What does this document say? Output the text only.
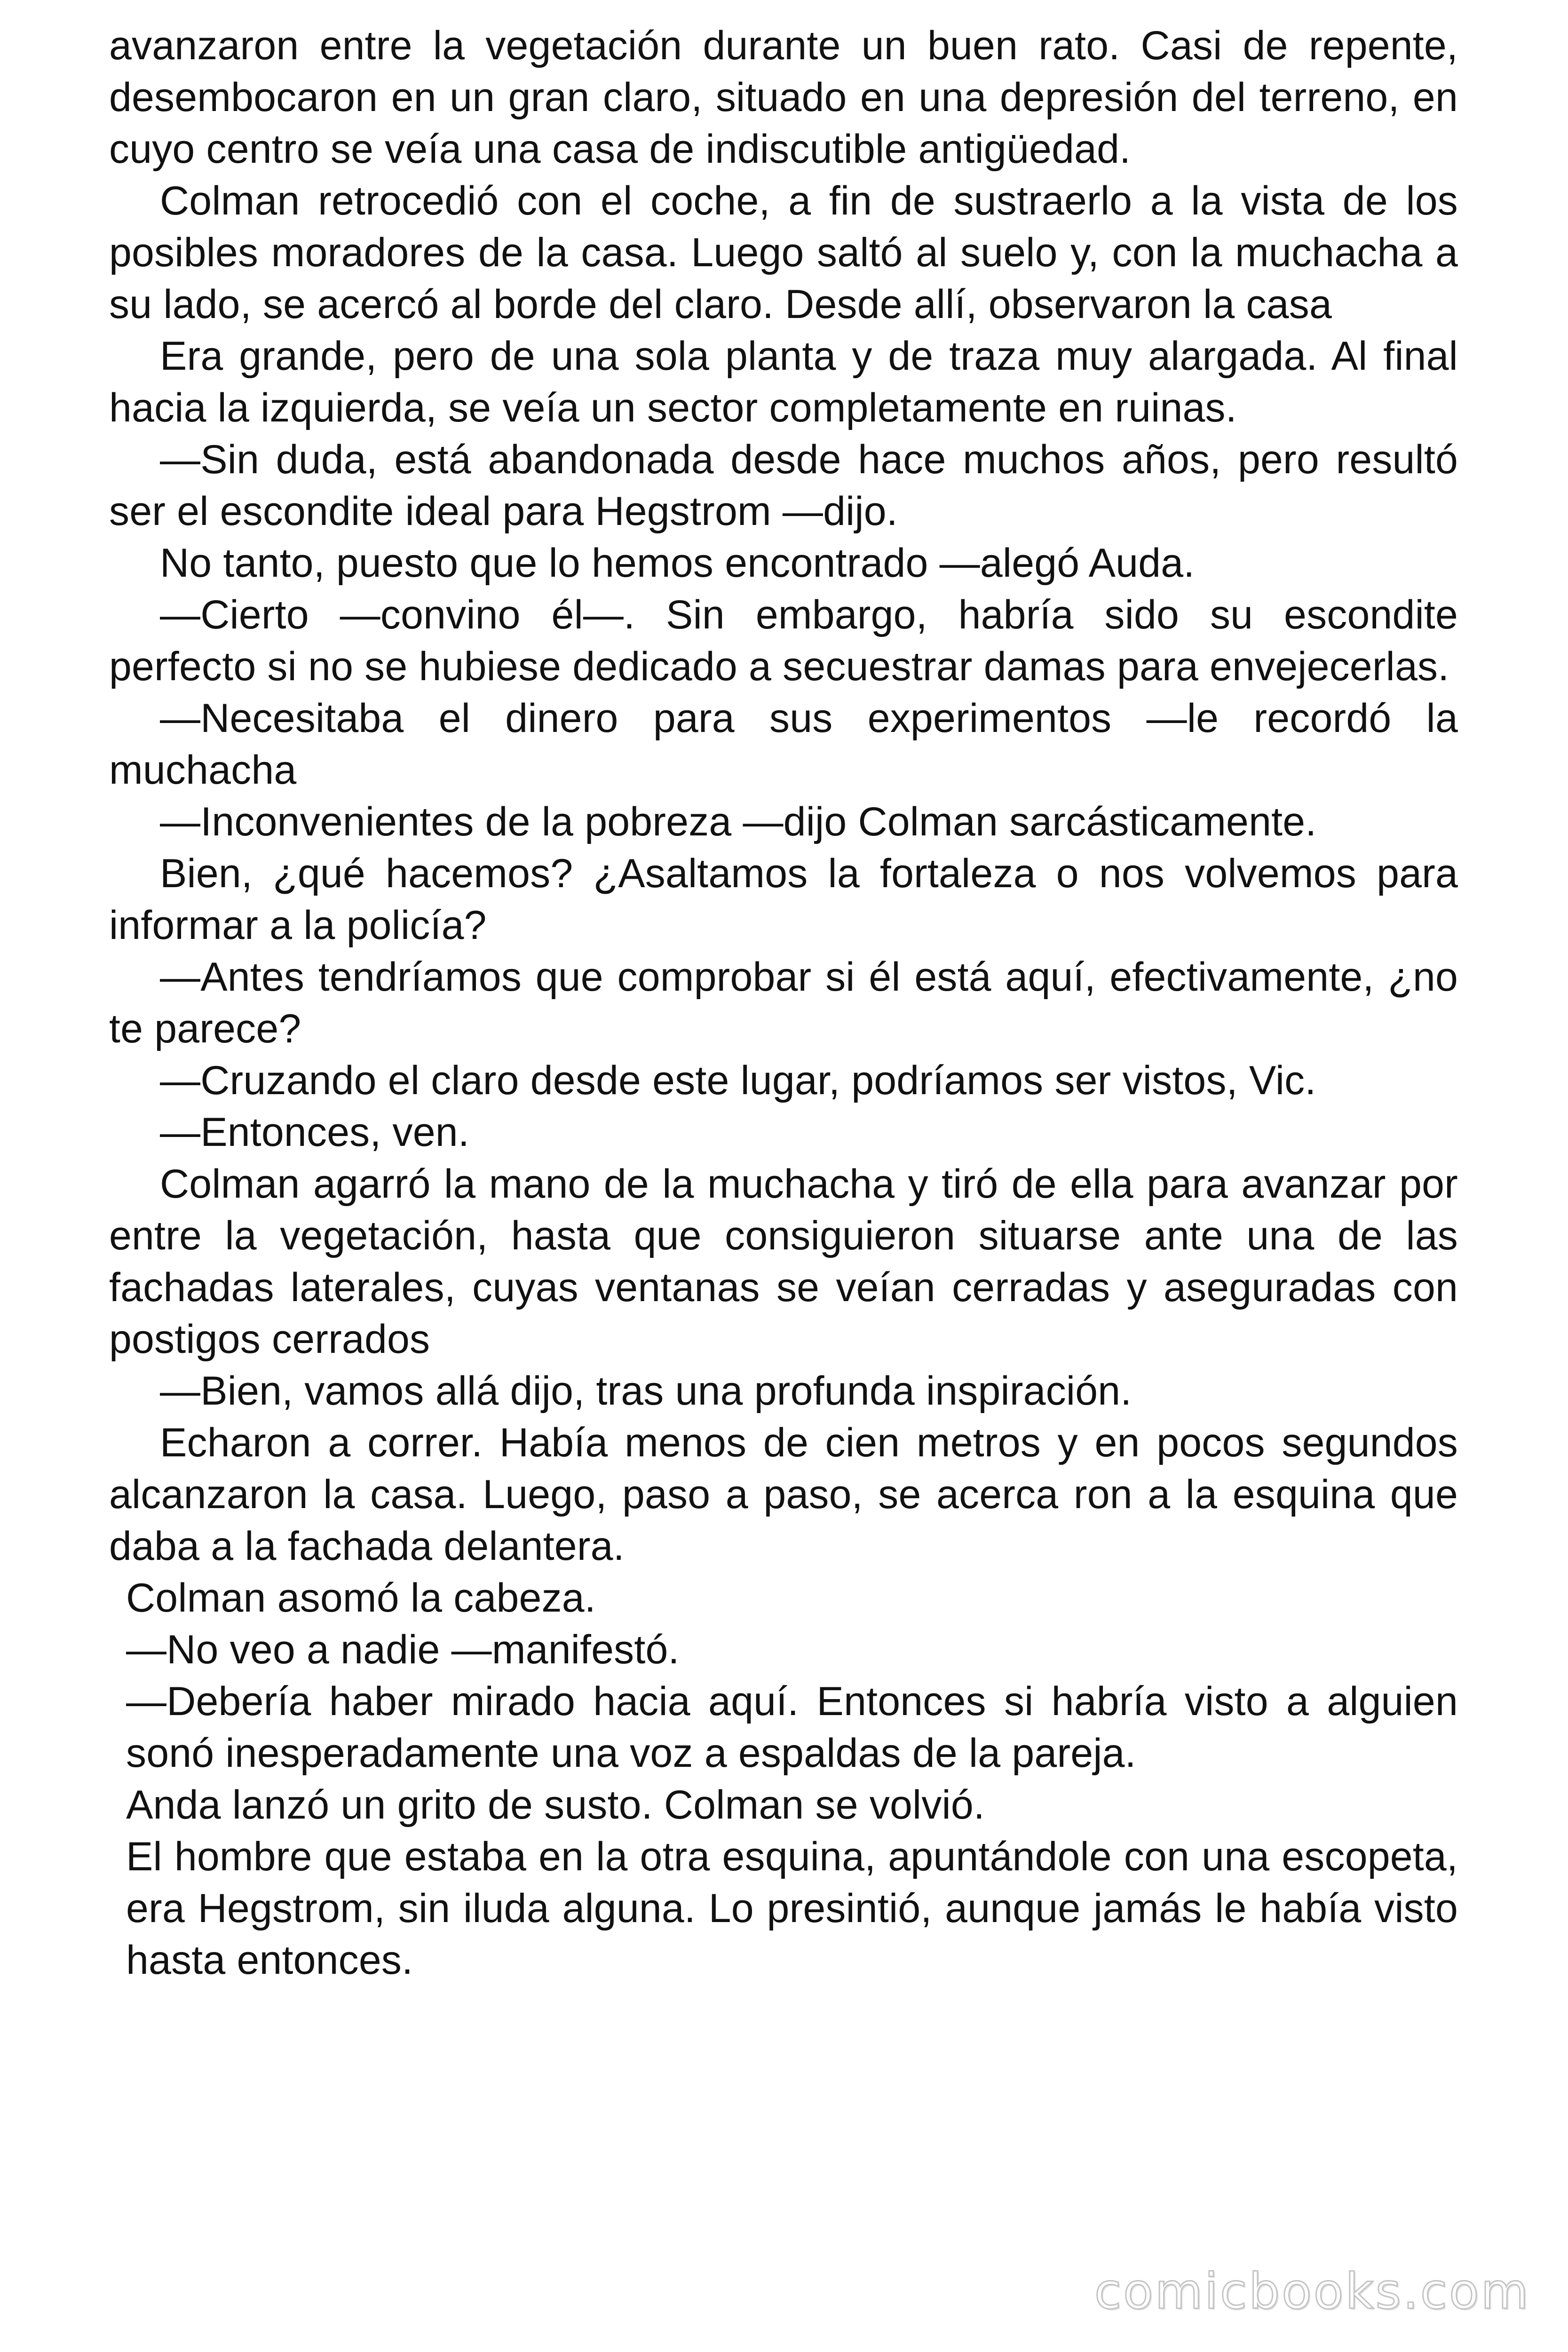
avanzaron entre la vegetación durante un buen rato. Casi de repente, desembocaron en un gran claro, situado en una depresión del terreno, en cuyo centro se veía una casa de indiscutible antigüedad.

Colman retrocedió con el coche, a fin de sustraerlo a la vista de los posibles moradores de la casa. Luego saltó al suelo y, con la muchacha a su lado, se acercó al borde del claro. Desde allí, observaron la casa

Era grande, pero de una sola planta y de traza muy alargada. Al final hacia la izquierda, se veía un sector completamente en ruinas.

—Sin duda, está abandonada desde hace muchos años, pero resultó ser el escondite ideal para Hegstrom —dijo.

No tanto, puesto que lo hemos encontrado —alegó Auda.

—Cierto —convino él—. Sin embargo, habría sido su escondite perfecto si no se hubiese dedicado a secuestrar damas para envejecerlas.

—Necesitaba el dinero para sus experimentos —le recordó la muchacha

—Inconvenientes de la pobreza —dijo Colman sarcásticamente.

Bien, ¿qué hacemos? ¿Asaltamos la fortaleza o nos volvemos para informar a la policía?

—Antes tendríamos que comprobar si él está aquí, efectivamente, ¿no te parece?

—Cruzando el claro desde este lugar, podríamos ser vistos, Vic.

—Entonces, ven.

Colman agarró la mano de la muchacha y tiró de ella para avanzar por entre la vegetación, hasta que consiguieron situarse ante una de las fachadas laterales, cuyas ventanas se veían cerradas y aseguradas con postigos cerrados

—Bien, vamos allá dijo, tras una profunda inspiración.

Echaron a correr. Había menos de cien metros y en pocos segundos alcanzaron la casa. Luego, paso a paso, se acerca ron a la esquina que daba a la fachada delantera.

Colman asomó la cabeza.

—No veo a nadie —manifestó.

—Debería haber mirado hacia aquí. Entonces si habría visto a alguien sonó inesperadamente una voz a espaldas de la pareja.

Anda lanzó un grito de susto. Colman se volvió.

El hombre que estaba en la otra esquina, apuntándole con una escopeta, era Hegstrom, sin iluda alguna. Lo presintió, aunque jamás le había visto hasta entonces.

comicbooks.com
